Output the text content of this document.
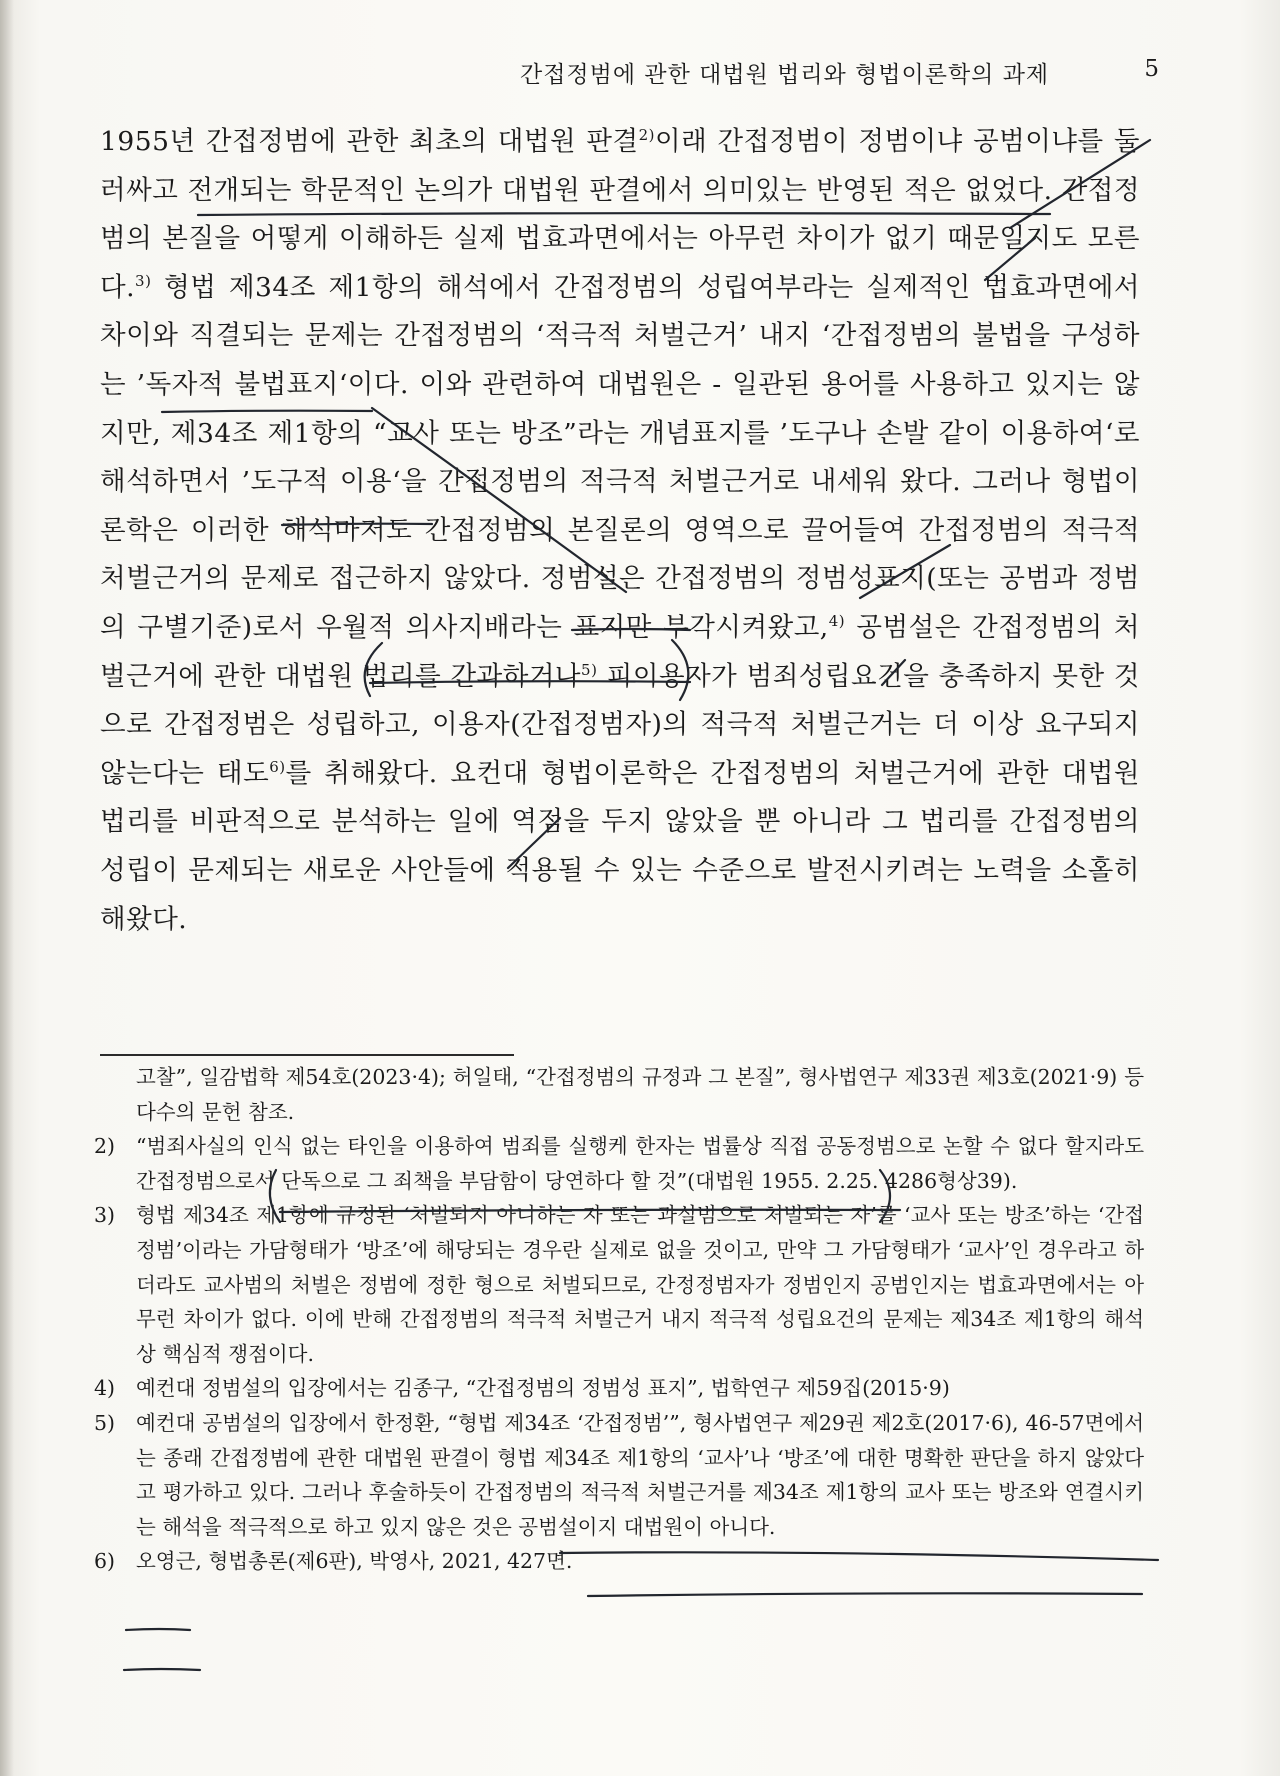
간접정범에 관한 대법원 법리와 형법이론학의 과제	5
1955년 간접정범에 관한 최초의 대법원 판결$^{2)}$이래 간접정범이 정범이냐 공범이냐를 둘러싸고 전개되는 학문적인 논의가 대법원 판결에서 의미있는 반영된 적은 없었다. 간접정범의 본질을 어떻게 이해하든 실제 법효과면에서는 아무런 차이가 없기 때문일지도 모른다.$^{3)}$ 형법 제34조 제1항의 해석에서 간접정범의 성립여부라는 실제적인 법효과면에서 차이와 직결되는 문제는 간접정범의 ‘적극적 처벌근거’ 내지 ‘간접정범의 불법을 구성하는 ’독자적 불법표지‘이다. 이와 관련하여 대법원은 - 일관된 용어를 사용하고 있지는 않지만, 제34조 제1항의 “교사 또는 방조”라는 개념표지를 ’도구나 손발 같이 이용하여‘로 해석하면서 ’도구적 이용‘을 간접정범의 적극적 처벌근거로 내세워 왔다. 그러나 형법이론학은 이러한 해석마저도 간접정범의 본질론의 영역으로 끌어들여 간접정범의 적극적 처벌근거의 문제로 접근하지 않았다. 정범설은 간접정범의 정범성표지(또는 공범과 정범의 구별기준)로서 우월적 의사지배라는 표지만 부각시켜왔고,$^{4)}$ 공범설은 간접정범의 처벌근거에 관한 대법원 법리를 간과하거나$^{5)}$ 피이용자가 범죄성립요건을 충족하지 못한 것으로 간접정범은 성립하고, 이용자(간접정범자)의 적극적 처벌근거는 더 이상 요구되지 않는다는 태도$^{6)}$를 취해왔다. 요컨대 형법이론학은 간접정범의 처벌근거에 관한 대법원 법리를 비판적으로 분석하는 일에 역점을 두지 않았을 뿐 아니라 그 법리를 간접정범의 성립이 문제되는 새로운 사안들에 적용될 수 있는 수준으로 발전시키려는 노력을 소홀히 해왔다.
고찰”, 일감법학 제54호(2023·4); 허일태, “간접정범의 규정과 그 본질”, 형사법연구 제33권 제3호(2021·9) 등 다수의 문헌 참조.
2) “범죄사실의 인식 없는 타인을 이용하여 범죄를 실행케 한자는 법률상 직접 공동정범으로 논할 수 없다 할지라도 간접정범으로서 단독으로 그 죄책을 부담함이 당연하다 할 것”(대법원 1955. 2.25. 4286형상39).
3) 형법 제34조 제1항에 규정된 ‘처벌되지 아니하는 자 또는 과실범으로 처벌되는 자’를 ‘교사 또는 방조’하는 ‘간접정범’이라는 가담형태가 ‘방조’에 해당되는 경우란 실제로 없을 것이고, 만약 그 가담형태가 ‘교사’인 경우라고 하더라도 교사범의 처벌은 정범에 정한 형으로 처벌되므로, 간정정범자가 정범인지 공범인지는 법효과면에서는 아무런 차이가 없다. 이에 반해 간접정범의 적극적 처벌근거 내지 적극적 성립요건의 문제는 제34조 제1항의 해석상 핵심적 쟁점이다.
4) 예컨대 정범설의 입장에서는 김종구, “간접정범의 정범성 표지”, 법학연구 제59집(2015·9)
5) 예컨대 공범설의 입장에서 한정환, “형법 제34조 ‘간접정범’”, 형사법연구 제29권 제2호(2017·6), 46-57면에서는 종래 간접정범에 관한 대법원 판결이 형법 제34조 제1항의 ‘교사’나 ‘방조’에 대한 명확한 판단을 하지 않았다고 평가하고 있다. 그러나 후술하듯이 간접정범의 적극적 처벌근거를 제34조 제1항의 교사 또는 방조와 연결시키는 해석을 적극적으로 하고 있지 않은 것은 공범설이지 대법원이 아니다.
6) 오영근, 형법총론(제6판), 박영사, 2021, 427면.
